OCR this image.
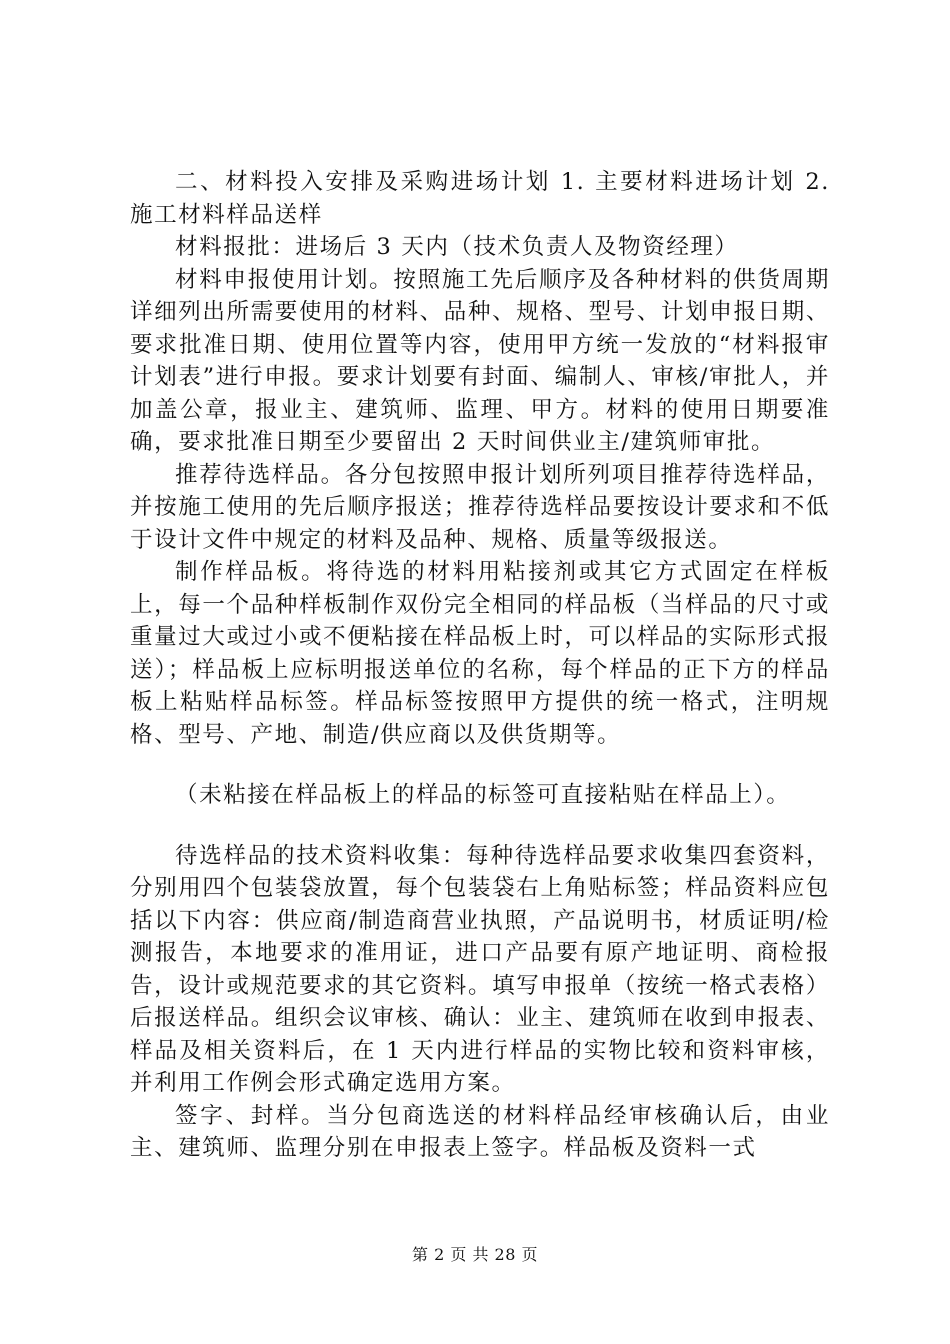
二、材料投入安排及采购进场计划 1. 主要材料进场计划 2. 施工材料样品送样

材料报批：进场后 3 天内（技术负责人及物资经理）

材料申报使用计划。按照施工先后顺序及各种材料的供货周期详细列出所需要使用的材料、品种、规格、型号、计划申报日期、要求批准日期、使用位置等内容，使用甲方统一发放的“材料报审计划表”进行申报。要求计划要有封面、编制人、审核/审批人，并加盖公章，报业主、建筑师、监理、甲方。材料的使用日期要准确，要求批准日期至少要留出 2 天时间供业主/建筑师审批。

推荐待选样品。各分包按照申报计划所列项目推荐待选样品，并按施工使用的先后顺序报送；推荐待选样品要按设计要求和不低于设计文件中规定的材料及品种、规格、质量等级报送。

制作样品板。将待选的材料用粘接剂或其它方式固定在样板上，每一个品种样板制作双份完全相同的样品板（当样品的尺寸或重量过大或过小或不便粘接在样品板上时，可以样品的实际形式报送）；样品板上应标明报送单位的名称，每个样品的正下方的样品板上粘贴样品标签。样品标签按照甲方提供的统一格式，注明规格、型号、产地、制造/供应商以及供货期等。

（未粘接在样品板上的样品的标签可直接粘贴在样品上）。

待选样品的技术资料收集：每种待选样品要求收集四套资料，分别用四个包装袋放置，每个包装袋右上角贴标签；样品资料应包括以下内容：供应商/制造商营业执照，产品说明书，材质证明/检测报告，本地要求的准用证，进口产品要有原产地证明、商检报告，设计或规范要求的其它资料。填写申报单（按统一格式表格）后报送样品。组织会议审核、确认：业主、建筑师在收到申报表、样品及相关资料后，在 1 天内进行样品的实物比较和资料审核，并利用工作例会形式确定选用方案。

签字、封样。当分包商选送的材料样品经审核确认后，由业主、建筑师、监理分别在申报表上签字。样品板及资料一式

第 2 页 共 28 页
